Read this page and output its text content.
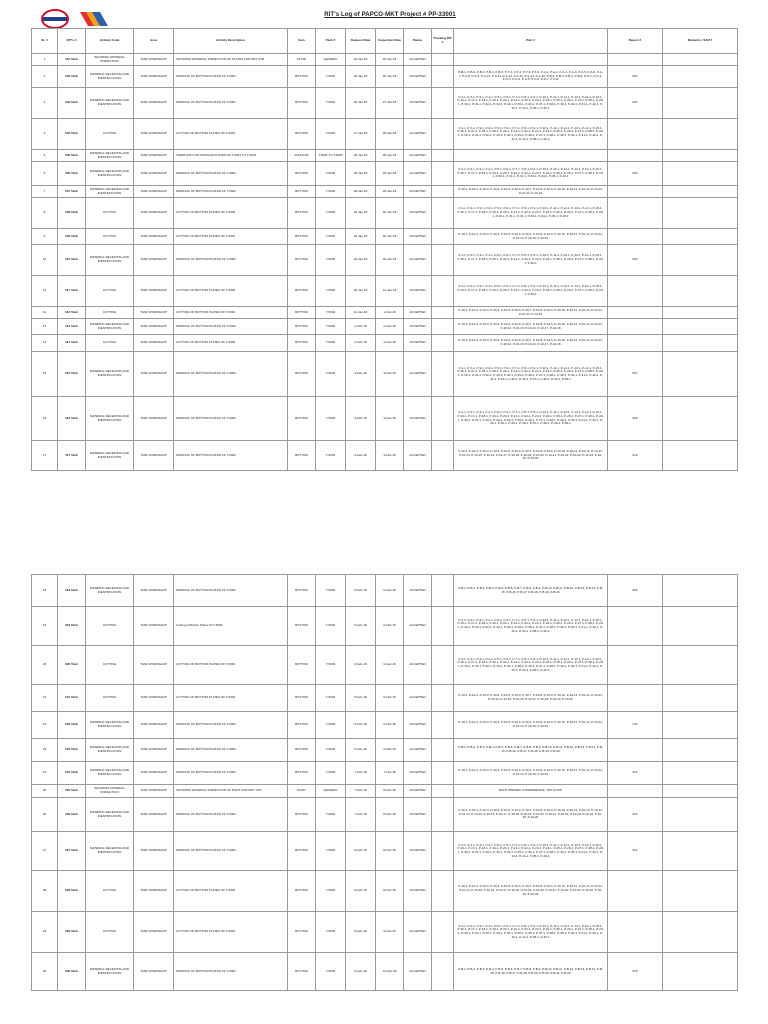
RIT's Log of PAPCO-MKT Project # PP-33001
Sr. #	RIT's #	Activity Code	Area	Activity Description	Item	Tank #	Request Date	Inspection Date	Status	Tracking RIT #	Part #	Report #	Remarks / SAP #
1	001 Tank	INCOMING MATERIAL INSPECTION	TANK WORKSHOP	INCOMING MATERIAL INSPECTION OF PLATES FOR MKT STR	PLATE	GENERAL	26-Jan-18	26-Jan-18	ACCEPTED				
2	002 Tank	MATERIAL RECEIVING AND IDENTIFICATION	TANK WORKSHOP	MARKING OF BOTTOM PLATES OF T-5001	BOTTOM	T-5001	26-Jan-18	26-Jan-18	ACCEPTED		P-B-1, P-B-2, P-B-3, P-B-4, P-B-5, P-T-1, P-T-2, P-T-3, P-T-4, P-A-1, P-A-2, P-A-3, P-A-4, P-A-5, P-A-6, P-A-7, P-A-8, P-A-9, P-A-10, P-A-11, P-A-12, P-A-13, P-A-14, P-A-15, P-B-2, P-B-3, P-B-4, P-B-5, P-C-1, P-C-2, P-C-3, P-C-4, P-C-5, P-C-6, P-C-7, P-C-8	001	
3	003 Tank	MATERIAL RECEIVING AND IDENTIFICATION	TANK WORKSHOP	MARKING OF BOTTOM PLATES OF T-5001	BOTTOM	T-5001	26-Jan-18	27-Jan-18	ACCEPTED		P-1-1, P-2-1, P-3-1, P-4-1, P-5-1, P-6-1, P-7-1, P-8-1, P-9-1, P-10-1, P-11-1, P-12-1, P-13-1, P-14-1, P-15-1, P-16-1, P-17-1, P-18-1, P-19-1, P-20-1, P-21-1, P-22-1, P-23-1, P-24-1, P-25-1, P-26-1, P-27-1, P-28-1, P-29-1, P-30-1, P-31-1, P-32-1, P-33-1, P-34-1, P-35-1, P-36-1, P-37-1, P-38-1, P-39-1, P-40-1, P-41-1, P-42-1, P-43-1, P-44-1, P-45-1, P-46-1	001	
4	004 Tank	CUTTING	TANK WORKSHOP	CUTTING OF BOTTOM PLATES OF T-5001	BOTTOM	T-5001	27-Jan-18	28-Jan-18	ACCEPTED		P-1-1, P-2-1, P-3-1, P-4-1, P-5-1, P-6-1, P-7-1, P-8-1, P-9-1, P-10-1, P-11-1, P-12-1, P-13-1, P-14-1, P-15-1, P-16-1, P-17-1, P-18-1, P-19-1, P-20-1, P-21-1, P-22-1, P-23-1, P-24-1, P-25-1, P-26-1, P-27-1, P-28-1, P-29-1, P-30-1, P-31-1, P-32-1, P-33-1, P-34-1, P-35-1, P-36-1, P-37-1, P-38-1, P-39-1, P-40-1, P-41-1, P-42-1, P-43-1, P-44-1, P-45-1, P-46-1		
5	005 Tank	MATERIAL RECEIVING AND IDENTIFICATION	TANK WORKSHOP	TEMPLATE FOR ANNULAR PLATES OF T-5001 TO T-5003	ANNULAR	T-5001 TO T-5003	28-Jan-18	28-Jan-18	ACCEPTED				
6	006 Tank	MATERIAL RECEIVING AND IDENTIFICATION	TANK WORKSHOP	MARKING OF BOTTOM PLATES OF T-5002	BOTTOM	T-5002	28-Jan-18	29-Jan-18	ACCEPTED		P-1-1, P-2-1, P-3-1, P-4-1, P-5-1, P-6-1, P-7-1, P-8-1, P-9-1, P-10-1, P-11-1, P-12-1, P-13-1, P-14-1, P-15-1, P-16-1, P-17-1, P-18-1, P-19-1, P-20-1, P-21-1, P-22-1, P-23-1, P-24-1, P-25-1, P-26-1, P-27-1, P-28-1, P-29-1, P-30-1, P-31-1, P-32-1, P-33-1, P-34-1, P-35-1, P-36-1	002	
7	007 Tank	MATERIAL RECEIVING AND IDENTIFICATION	TANK WORKSHOP	MARKING OF BOTTOM PLATES OF T-5002	BOTTOM	T-5002	28-Jan-18	29-Jan-18	ACCEPTED		P-10-1, P-10-2, P-10-3, P-10-4, P-10-5, P-10-6, P-10-7, P-10-8, P-10-9, P-10-10, P-10-11, P-10-12, P-10-13, P-10-14, P-10-15		
8	008 Tank	CUTTING	TANK WORKSHOP	CUTTING OF BOTTOM PLATES OF T-5002	BOTTOM	T-5002	29-Jan-18	30-Jan-18	ACCEPTED		P-1-1, P-2-1, P-3-1, P-4-1, P-5-1, P-6-1, P-7-1, P-8-1, P-9-1, P-10-1, P-11-1, P-12-1, P-13-1, P-14-1, P-15-1, P-16-1, P-17-1, P-18-1, P-19-1, P-20-1, P-21-1, P-22-1, P-23-1, P-24-1, P-25-1, P-26-1, P-27-1, P-28-1, P-29-1, P-30-1, P-31-1, P-32-1, P-33-1, P-34-1, P-35-1, P-36-1		
9	009 Tank	CUTTING	TANK WORKSHOP	CUTTING OF BOTTOM PLATES OF T-5001	BOTTOM	T-5001	29-Jan-18	30-Jan-18	ACCEPTED		P-10-1, P-10-2, P-10-3, P-10-4, P-10-5, P-10-6, P-10-7, P-10-8, P-10-9, P-10-10, P-10-11, P-10-12, P-10-13, P-10-14, P-10-15, P-10-16		
10	010 Tank	MATERIAL RECEIVING AND IDENTIFICATION	TANK WORKSHOP	MARKING OF BOTTOM PLATES OF T-5002	BOTTOM	T-5002	29-Jan-18	30-Jan-18	ACCEPTED		P-1-1, P-2-1, P-3-1, P-4-1, P-5-1, P-6-1, P-7-1, P-8-1, P-9-1, P-10-1, P-11-1, P-12-1, P-13-1, P-14-1, P-15-1, P-16-1, P-17-1, P-18-1, P-19-1, P-20-1, P-21-1, P-22-1, P-23-1, P-24-1, P-25-1, P-26-1, P-27-1, P-28-1, P-29-1, P-30-1	003	
11	011 Tank	CUTTING	TANK WORKSHOP	CUTTING OF BOTTOM PLATES OF T-5002	BOTTOM	T-5002	30-Jan-18	31-Jan-18	ACCEPTED		P-1-1, P-2-1, P-3-1, P-4-1, P-5-1, P-6-1, P-7-1, P-8-1, P-9-1, P-10-1, P-11-1, P-12-1, P-13-1, P-14-1, P-15-1, P-16-1, P-17-1, P-18-1, P-19-1, P-20-1, P-21-1, P-22-1, P-23-1, P-24-1, P-25-1, P-26-1, P-27-1, P-28-1, P-29-1, P-30-1		
12	012 Tank	CUTTING	TANK WORKSHOP	CUTTING OF BOTTOM PLATES OF T-5002	BOTTOM	T-5002	31-Jan-18	1-Feb-18	ACCEPTED		P-10-1, P-10-2, P-10-3, P-10-4, P-10-5, P-10-6, P-10-7, P-10-8, P-10-9, P-10-10, P-10-11, P-10-12, P-10-13, P-10-14, P-10-15		
13	013 Tank	MATERIAL RECEIVING AND IDENTIFICATION	TANK WORKSHOP	MARKING OF BOTTOM PLATES OF T-5002	BOTTOM	T-5002	1-Feb-18	2-Feb-18	ACCEPTED		P-10-1, P-10-2, P-10-3, P-10-4, P-10-5, P-10-6, P-10-7, P-10-8, P-10-9, P-10-10, P-10-11, P-10-12, P-10-13, P-10-14, P-10-15, P-10-16, P-10-17, P-10-18		
14	014 Tank	CUTTING	TANK WORKSHOP	CUTTING OF BOTTOM PLATES OF T-5002	BOTTOM	T-5002	2-Feb-18	3-Feb-18	ACCEPTED		P-10-1, P-10-2, P-10-3, P-10-4, P-10-5, P-10-6, P-10-7, P-10-8, P-10-9, P-10-10, P-10-11, P-10-12, P-10-13, P-10-14, P-10-15, P-10-16, P-10-17, P-10-18		
15	015 Tank	MATERIAL RECEIVING AND IDENTIFICATION	TANK WORKSHOP	MARKING OF BOTTOM PLATES OF T-5003	BOTTOM	T-5003	3-Feb-18	3-Feb-18	ACCEPTED		P-1-1, P-2-1, P-3-1, P-4-1, P-5-1, P-6-1, P-7-1, P-8-1, P-9-1, P-10-1, P-11-1, P-12-1, P-13-1, P-14-1, P-15-1, P-16-1, P-17-1, P-18-1, P-19-1, P-20-1, P-21-1, P-22-1, P-23-1, P-24-1, P-25-1, P-26-1, P-27-1, P-28-1, P-29-1, P-30-1, P-31-1, P-32-1, P-33-1, P-34-1, P-35-1, P-36-1, P-37-1, P-38-1, P-39-1, P-40-1, P-41-1, P-42-1, P-43-1, P-44-1, P-45-1, P-46-1, P-47-1, P-48-1, P-49-1, P-50-1	007	
16	016 Tank	MATERIAL RECEIVING AND IDENTIFICATION	TANK WORKSHOP	MARKING OF BOTTOM PLATES OF T-5003	BOTTOM	T-5003	3-Feb-18	3-Feb-18	ACCEPTED		P-1-1, P-2-1, P-3-1, P-4-1, P-5-1, P-6-1, P-7-1, P-8-1, P-9-1, P-10-1, P-11-1, P-12-1, P-13-1, P-14-1, P-15-1, P-16-1, P-17-1, P-18-1, P-19-1, P-20-1, P-21-1, P-22-1, P-23-1, P-24-1, P-25-1, P-26-1, P-27-1, P-28-1, P-29-1, P-30-1, P-31-1, P-32-1, P-33-1, P-34-1, P-35-1, P-36-1, P-37-1, P-38-1, P-39-1, P-40-1, P-41-1, P-42-1, P-43-1, P-44-1, P-45-1, P-46-1, P-47-1, P-48-1, P-49-1, P-50-1	008	
17	017 Tank	MATERIAL RECEIVING AND IDENTIFICATION	TANK WORKSHOP	MARKING OF BOTTOM PLATES OF T-5003	BOTTOM	T-5003	3-Feb-18	3-Feb-18	ACCEPTED		P-10-1, P-10-2, P-10-3, P-10-4, P-10-5, P-10-6, P-10-7, P-10-8, P-10-9, P-10-10, P-10-11, P-10-12, P-10-13, P-10-14, P-10-15, P-10-16, P-10-17, P-10-18, P-10-19, P-10-20, P-10-21, P-10-22, P-10-23, P-10-24, P-10-25, P-10-26	010	
18	018 Tank	MATERIAL RECEIVING AND IDENTIFICATION	TANK WORKSHOP	MARKING OF BOTTOM PLATES OF T-5003	BOTTOM	T-5003	5-Feb-18	6-Feb-18	ACCEPTED		P-B-1, P-B-2, P-B-3, P-B-4, P-B-5, P-B-6, P-B-7, P-B-8, P-B-9, P-B-10, P-B-11, P-B-12, P-B-13, P-B-14, P-B-15, P-B-16, P-B-17, P-B-18, P-B-19, P-B-20	009	
19	019 Tank	CUTTING	TANK WORKSHOP	Cutting of Bottom Plates Of T-5002	BOTTOM	T-5002	6-Feb-18	6-Feb-18	ACCEPTED		P-1-1, P-2-1, P-3-1, P-4-1, P-5-1, P-6-1, P-7-1, P-8-1, P-9-1, P-10-1, P-11-1, P-12-1, P-13-1, P-14-1, P-15-1, P-16-1, P-17-1, P-18-1, P-19-1, P-20-1, P-21-1, P-22-1, P-23-1, P-24-1, P-25-1, P-26-1, P-27-1, P-28-1, P-29-1, P-30-1, P-31-1, P-32-1, P-33-1, P-34-1, P-35-1, P-36-1, P-37-1, P-38-1, P-39-1, P-40-1, P-41-1, P-42-1, P-43-1, P-44-1, P-45-1, P-46-1		
20	020 Tank	CUTTING	TANK WORKSHOP	CUTTING OF BOTTOM PLATES OF T-5003	BOTTOM	T-5003	6-Feb-18	6-Feb-18	ACCEPTED		P-1-1, P-2-1, P-3-1, P-4-1, P-5-1, P-6-1, P-7-1, P-8-1, P-9-1, P-10-1, P-11-1, P-12-1, P-13-1, P-14-1, P-15-1, P-16-1, P-17-1, P-18-1, P-19-1, P-20-1, P-21-1, P-22-1, P-23-1, P-24-1, P-25-1, P-26-1, P-27-1, P-28-1, P-29-1, P-30-1, P-31-1, P-32-1, P-33-1, P-34-1, P-35-1, P-36-1, P-37-1, P-38-1, P-39-1, P-40-1, P-41-1, P-42-1, P-43-1, P-44-1, P-45-1, P-46-1		
21	021 Tank	CUTTING	TANK WORKSHOP	CUTTING OF BOTTOM PLATES OF T-5003	BOTTOM	T-5003	5-Feb-18	5-Feb-18	ACCEPTED		P-10-1, P-10-2, P-10-3, P-10-4, P-10-5, P-10-6, P-10-7, P-10-8, P-10-9, P-10-10, P-10-11, P-10-12, P-10-13, P-10-14, P-10-15, P-10-16, P-10-17, P-10-18, P-10-19, P-10-20		
22	022 Tank	MATERIAL RECEIVING AND IDENTIFICATION	TANK WORKSHOP	MARKING OF BOTTOM PLATES OF T-5003	BOTTOM	T-5003	5-Feb-18	6-Feb-18	ACCEPTED		P-10-1, P-10-2, P-10-3, P-10-4, P-10-5, P-10-6, P-10-7, P-10-8, P-10-9, P-10-10, P-10-11, P-10-12, P-10-13, P-10-14, P-10-15, P-10-16	011	
23	023 Tank	MATERIAL RECEIVING AND IDENTIFICATION	TANK WORKSHOP	MARKING OF BOTTOM PLATES OF T-5003	BOTTOM	T-5003	5-Feb-18	6-Feb-18	ACCEPTED		P-B-1, P-B-2, P-B-3, P-B-4, P-B-5, P-B-6, P-B-7, P-B-8, P-B-9, P-B-10, P-B-11, P-B-12, P-B-13, P-B-14, P-B-15, P-B-16, P-B-17, P-B-18, P-B-19, P-B-20		
24	024 Tank	MATERIAL RECEIVING AND IDENTIFICATION	TANK WORKSHOP	MARKING OF BOTTOM PLATES OF T-5003	BOTTOM	T-5003	7-Feb-18	7-Feb-18	ACCEPTED		P-10-1, P-10-2, P-10-3, P-10-4, P-10-5, P-10-6, P-10-7, P-10-8, P-10-9, P-10-10, P-10-11, P-10-12, P-10-13, P-10-14, P-10-15, P-10-16	012	
25	025 Tank	INCOMING MATERIAL INSPECTION	TANK WORKSHOP	INCOMING MATERIAL INSPECTION OF PAINT FOR MKT STR	PAINT	GENERAL	7-Feb-18	8-Feb-18	ACCEPTED		PAINT (PRIMER, INTERMEDIATE, TOP COAT)		
26	026 Tank	MATERIAL RECEIVING AND IDENTIFICATION	TANK WORKSHOP	MARKING OF BOTTOM PLATES OF T-5004	BOTTOM	T-5004	7-Feb-18	8-Feb-18	ACCEPTED		P-10-1, P-10-2, P-10-3, P-10-4, P-10-5, P-10-6, P-10-7, P-10-8, P-10-9, P-10-10, P-10-11, P-10-12, P-10-13, P-10-14, P-10-15, P-10-16, P-10-17, P-10-18, P-10-19, P-10-20, P-10-21, P-10-22, P-10-23, P-10-24, P-10-25, P-10-26	013	
27	027 Tank	MATERIAL RECEIVING AND IDENTIFICATION	TANK WORKSHOP	MARKING OF BOTTOM PLATES OF T-5004	BOTTOM	T-5004	8-Feb-18	8-Feb-18	ACCEPTED		P-1-1, P-2-1, P-3-1, P-4-1, P-5-1, P-6-1, P-7-1, P-8-1, P-9-1, P-10-1, P-11-1, P-12-1, P-13-1, P-14-1, P-15-1, P-16-1, P-17-1, P-18-1, P-19-1, P-20-1, P-21-1, P-22-1, P-23-1, P-24-1, P-25-1, P-26-1, P-27-1, P-28-1, P-29-1, P-30-1, P-31-1, P-32-1, P-33-1, P-34-1, P-35-1, P-36-1, P-37-1, P-38-1, P-39-1, P-40-1, P-41-1, P-42-1, P-43-1, P-44-1, P-45-1, P-46-1	014	
28	028 Tank	CUTTING	TANK WORKSHOP	CUTTING OF BOTTOM PLATES OF T-5004	BOTTOM	T-5004	8-Feb-18	8-Feb-18	ACCEPTED		P-10-1, P-10-2, P-10-3, P-10-4, P-10-5, P-10-6, P-10-7, P-10-8, P-10-9, P-10-10, P-10-11, P-10-12, P-10-13, P-10-14, P-10-15, P-10-16, P-10-17, P-10-18, P-10-19, P-10-20, P-10-21, P-10-22, P-10-23, P-10-24, P-10-25, P-10-26		
29	029 Tank	CUTTING	TANK WORKSHOP	CUTTING OF BOTTOM PLATES OF T-5004	BOTTOM	T-5004	8-Feb-18	9-Feb-18	ACCEPTED		P-1-1, P-2-1, P-3-1, P-4-1, P-5-1, P-6-1, P-7-1, P-8-1, P-9-1, P-10-1, P-11-1, P-12-1, P-13-1, P-14-1, P-15-1, P-16-1, P-17-1, P-18-1, P-19-1, P-20-1, P-21-1, P-22-1, P-23-1, P-24-1, P-25-1, P-26-1, P-27-1, P-28-1, P-29-1, P-30-1, P-31-1, P-32-1, P-33-1, P-34-1, P-35-1, P-36-1, P-37-1, P-38-1, P-39-1, P-40-1, P-41-1, P-42-1, P-43-1, P-44-1, P-45-1, P-46-1		
30	030 Tank	MATERIAL RECEIVING AND IDENTIFICATION	TANK WORKSHOP	MARKING OF BOTTOM PLATES OF T-5004	BOTTOM	T-5004	9-Feb-18	10-Feb-18	ACCEPTED		P-B-1, P-B-2, P-B-3, P-B-4, P-B-5, P-B-6, P-B-7, P-B-8, P-B-9, P-B-10, P-B-11, P-B-12, P-B-13, P-B-14, P-B-15, P-B-16, P-B-17, P-B-18, P-B-19, P-B-20, P-B-21, P-B-22	015	
